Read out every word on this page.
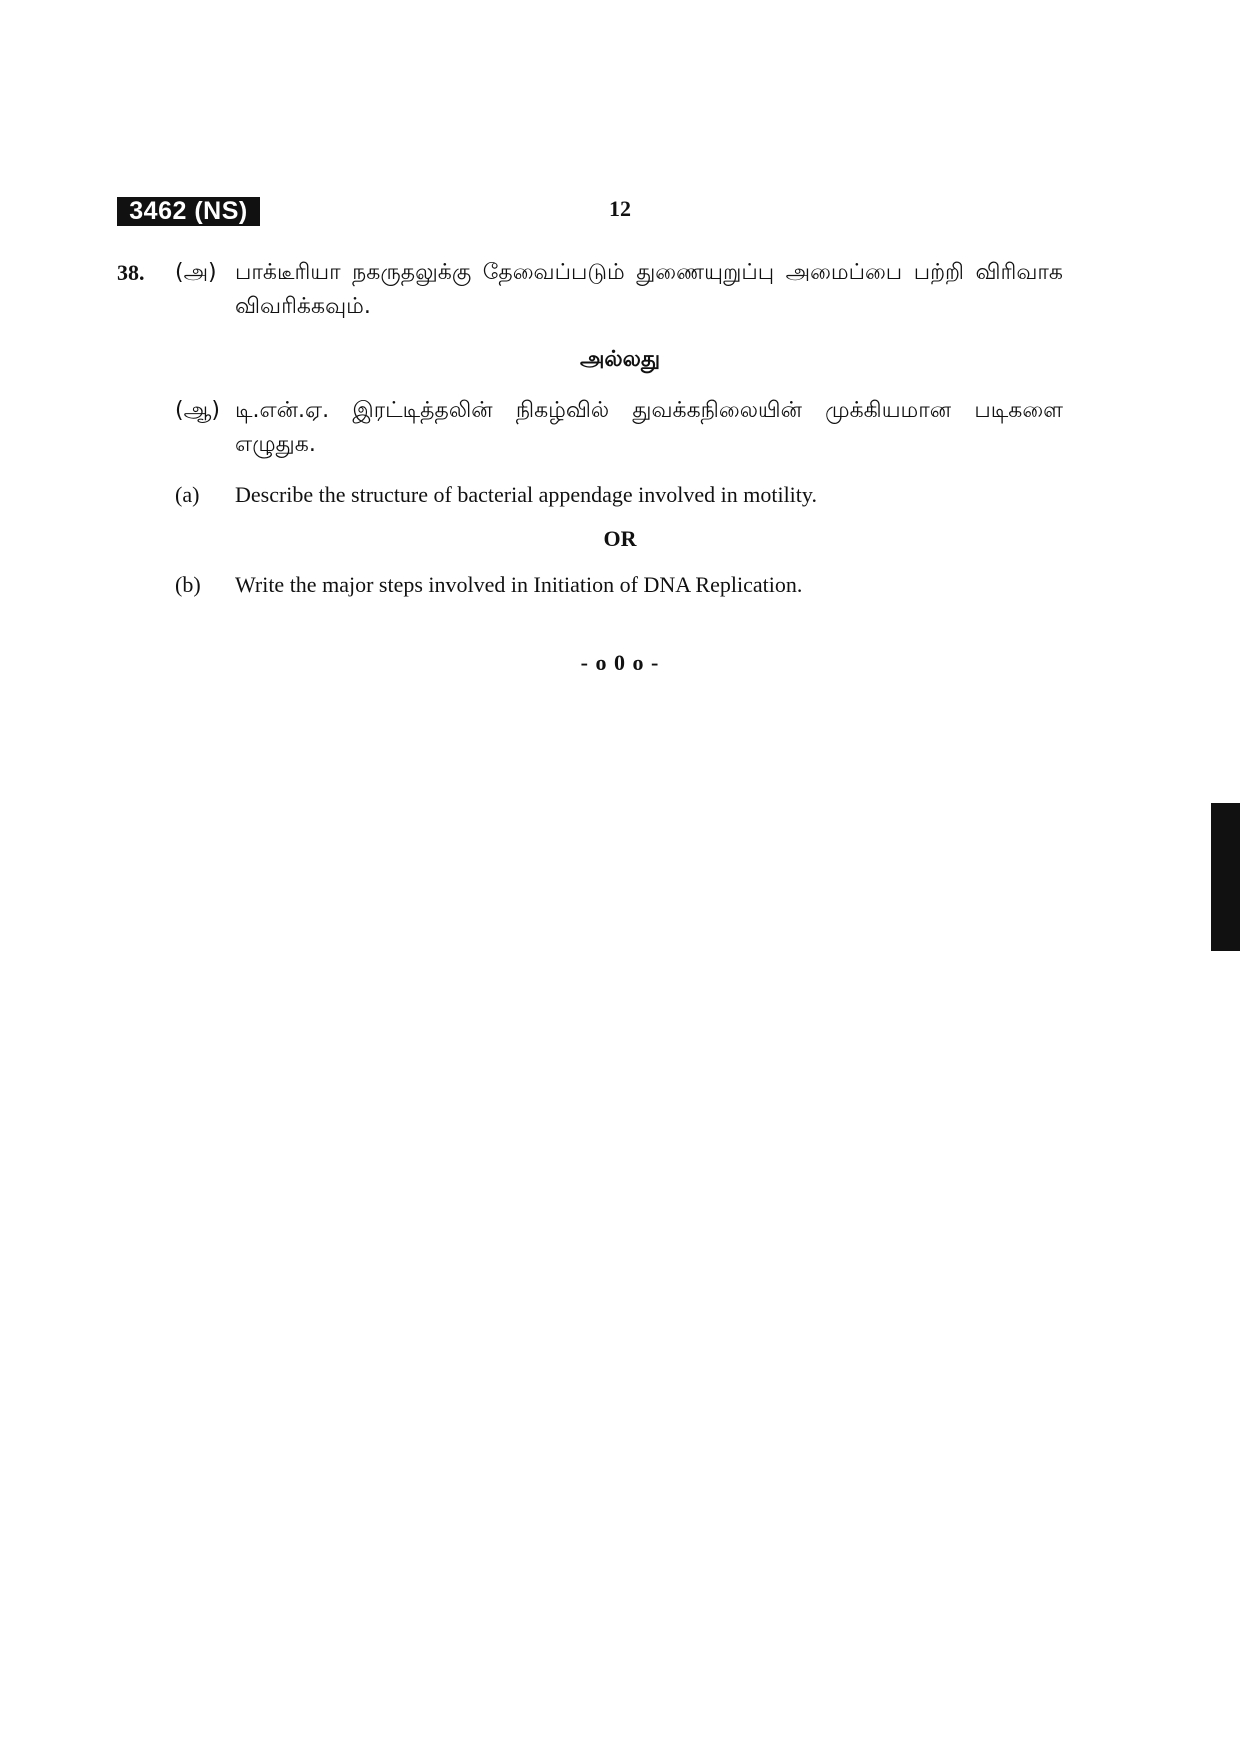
3462 (NS)	12
38. (அ) பாக்டீரியா நகருதலுக்கு தேவைப்படும் துணையுறுப்பு அமைப்பை பற்றி விரிவாக விவரிக்கவும்.
அல்லது
(ஆ) டி.என்.ஏ. இரட்டித்தலின் நிகழ்வில் துவக்கநிலையின் முக்கியமான படிகளை எழுதுக.
(a) Describe the structure of bacterial appendage involved in motility.
OR
(b) Write the major steps involved in Initiation of DNA Replication.
- o 0 o -
